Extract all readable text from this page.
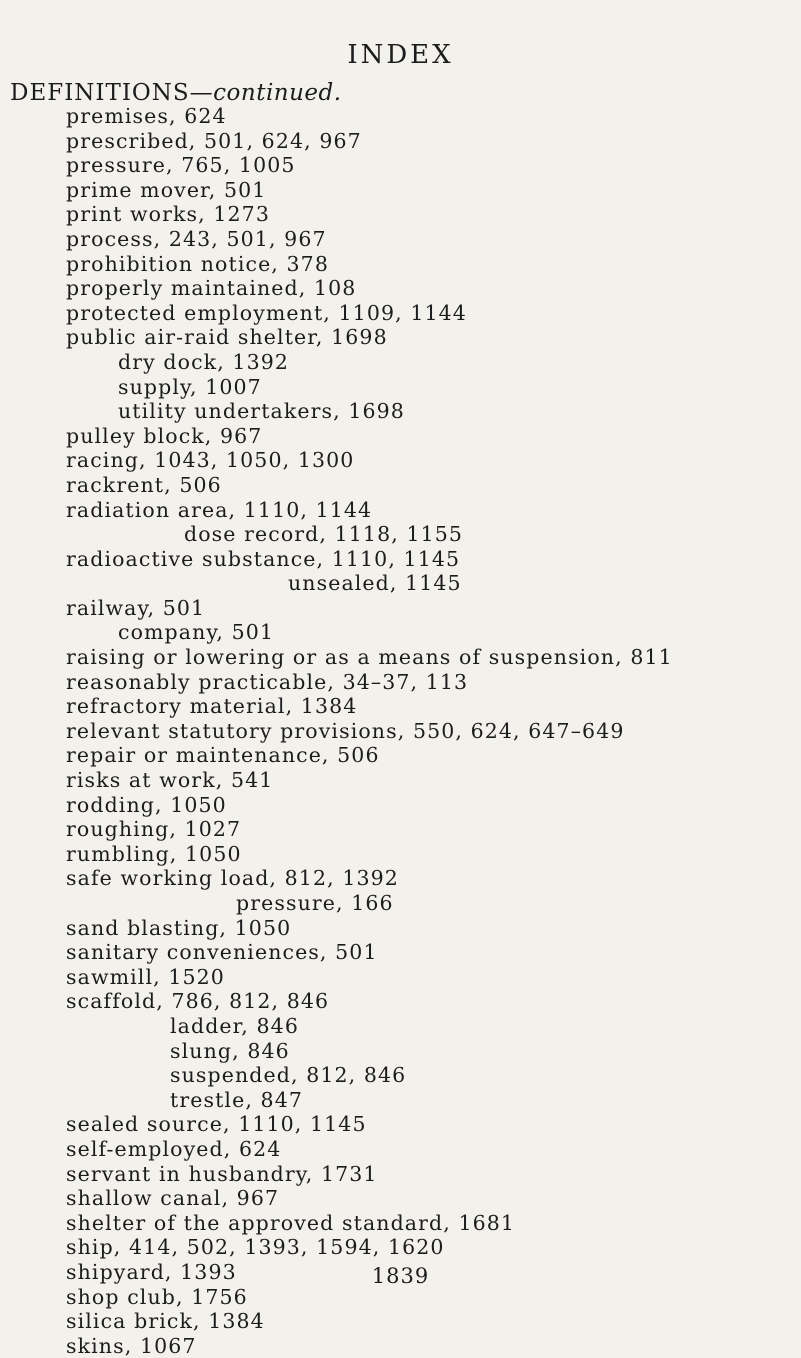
INDEX
DEFINITIONS—continued.
premises, 624
prescribed, 501, 624, 967
pressure, 765, 1005
prime mover, 501
print works, 1273
process, 243, 501, 967
prohibition notice, 378
properly maintained, 108
protected employment, 1109, 1144
public air-raid shelter, 1698
dry dock, 1392
supply, 1007
utility undertakers, 1698
pulley block, 967
racing, 1043, 1050, 1300
rackrent, 506
radiation area, 1110, 1144
dose record, 1118, 1155
radioactive substance, 1110, 1145
unsealed, 1145
railway, 501
company, 501
raising or lowering or as a means of suspension, 811
reasonably practicable, 34–37, 113
refractory material, 1384
relevant statutory provisions, 550, 624, 647–649
repair or maintenance, 506
risks at work, 541
rodding, 1050
roughing, 1027
rumbling, 1050
safe working load, 812, 1392
pressure, 166
sand blasting, 1050
sanitary conveniences, 501
sawmill, 1520
scaffold, 786, 812, 846
ladder, 846
slung, 846
suspended, 812, 846
trestle, 847
sealed source, 1110, 1145
self-employed, 624
servant in husbandry, 1731
shallow canal, 967
shelter of the approved standard, 1681
ship, 414, 502, 1393, 1594, 1620
shipyard, 1393
shop club, 1756
silica brick, 1384
skins, 1067
1839
